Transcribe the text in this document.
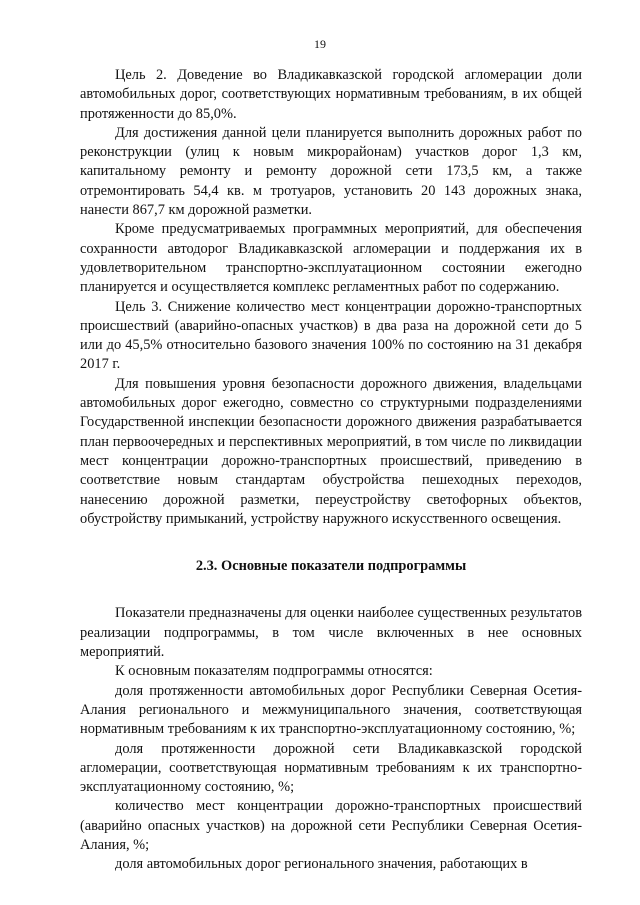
19

Цель 2. Доведение во Владикавказской городской агломерации доли автомобильных дорог, соответствующих нормативным требованиям, в их общей протяженности до 85,0%.

Для достижения данной цели планируется выполнить дорожных работ по реконструкции (улиц к новым микрорайонам) участков дорог 1,3 км, капитальному ремонту и ремонту дорожной сети 173,5 км, а также отремонтировать 54,4 кв. м тротуаров, установить 20 143 дорожных знака, нанести 867,7 км дорожной разметки.

Кроме предусматриваемых программных мероприятий, для обеспечения сохранности автодорог Владикавказской агломерации и поддержания их в удовлетворительном транспортно-эксплуатационном состоянии ежегодно планируется и осуществляется комплекс регламентных работ по содержанию.

Цель 3. Снижение количество мест концентрации дорожно-транспортных происшествий (аварийно-опасных участков) в два раза на дорожной сети до 5 или до 45,5% относительно базового значения 100% по состоянию на 31 декабря 2017 г.

Для повышения уровня безопасности дорожного движения, владельцами автомобильных дорог ежегодно, совместно со структурными подразделениями Государственной инспекции безопасности дорожного движения разрабатывается план первоочередных и перспективных мероприятий, в том числе по ликвидации мест концентрации дорожно-транспортных происшествий, приведению в соответствие новым стандартам обустройства пешеходных переходов, нанесению дорожной разметки, переустройству светофорных объектов, обустройству примыканий, устройству наружного искусственного освещения.

2.3. Основные показатели подпрограммы

Показатели предназначены для оценки наиболее существенных результатов реализации подпрограммы, в том числе включенных в нее основных мероприятий.

К основным показателям подпрограммы относятся:

доля протяженности автомобильных дорог Республики Северная Осетия-Алания регионального и межмуниципального значения, соответствующая нормативным требованиям к их транспортно-эксплуатационному состоянию, %;

доля протяженности дорожной сети Владикавказской городской агломерации, соответствующая нормативным требованиям к их транспортно-эксплуатационному состоянию, %;

количество мест концентрации дорожно-транспортных происшествий (аварийно опасных участков) на дорожной сети Республики Северная Осетия-Алания, %;

доля автомобильных дорог регионального значения, работающих в
